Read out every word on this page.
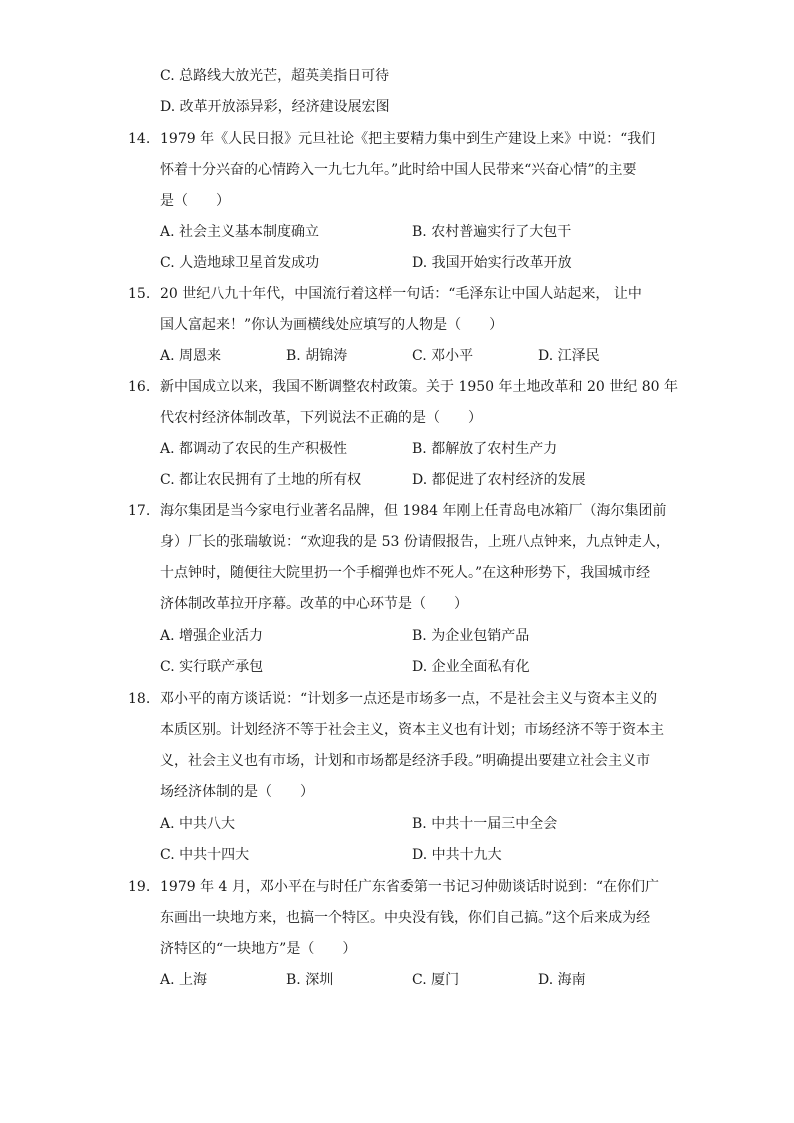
C. 总路线大放光芒，超英美指日可待
D. 改革开放添异彩，经济建设展宏图
14. 1979 年《人民日报》元旦社论《把主要精力集中到生产建设上来》中说：“我们
怀着十分兴奋的心情跨入一九七九年。”此时给中国人民带来“兴奋心情”的主要
是（　　）
A. 社会主义基本制度确立	B. 农村普遍实行了大包干
C. 人造地球卫星首发成功	D. 我国开始实行改革开放
15. 20 世纪八九十年代，中国流行着这样一句话：“毛泽东让中国人站起来， 让中
国人富起来！”你认为画横线处应填写的人物是（　　）
A. 周恩来	B. 胡锦涛	C. 邓小平	D. 江泽民
16. 新中国成立以来，我国不断调整农村政策。关于 1950 年土地改革和 20 世纪 80 年
代农村经济体制改革，下列说法不正确的是（　　）
A. 都调动了农民的生产积极性	B. 都解放了农村生产力
C. 都让农民拥有了土地的所有权	D. 都促进了农村经济的发展
17. 海尔集团是当今家电行业著名品牌，但 1984 年刚上任青岛电冰箱厂（海尔集团前
身）厂长的张瑞敏说：“欢迎我的是 53 份请假报告，上班八点钟来，九点钟走人，
十点钟时，随便往大院里扔一个手榴弹也炸不死人。”在这种形势下，我国城市经
济体制改革拉开序幕。改革的中心环节是（　　）
A. 增强企业活力	B. 为企业包销产品
C. 实行联产承包	D. 企业全面私有化
18. 邓小平的南方谈话说：“计划多一点还是市场多一点，不是社会主义与资本主义的
本质区别。计划经济不等于社会主义，资本主义也有计划；市场经济不等于资本主
义，社会主义也有市场，计划和市场都是经济手段。”明确提出要建立社会主义市
场经济体制的是（　　）
A. 中共八大	B. 中共十一届三中全会
C. 中共十四大	D. 中共十九大
19. 1979 年 4 月，邓小平在与时任广东省委第一书记习仲勋谈话时说到：“在你们广
东画出一块地方来，也搞一个特区。中央没有钱，你们自己搞。”这个后来成为经
济特区的“一块地方”是（　　）
A. 上海	B. 深圳	C. 厦门	D. 海南
